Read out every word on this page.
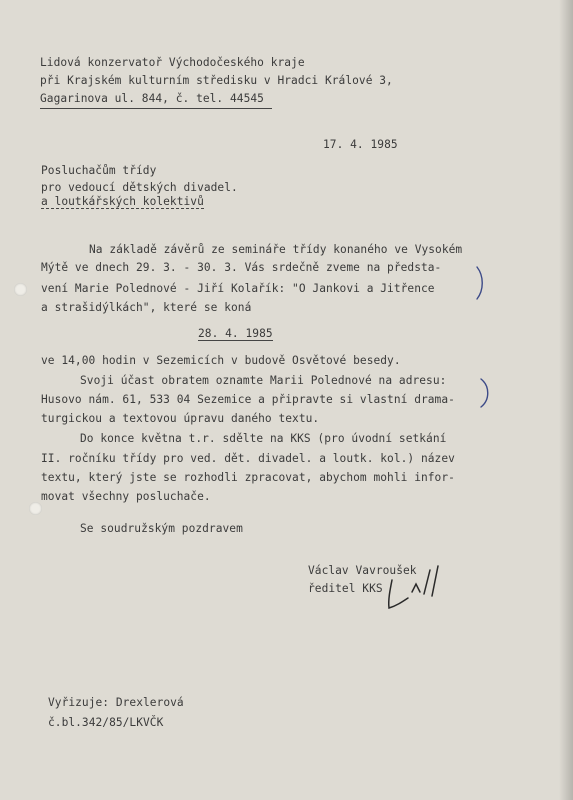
Lidová konzervatoř Východočeského kraje
při Krajském kulturním středisku v Hradci Králové 3,
Gagarinova ul. 844, č. tel. 44545
17. 4. 1985
Posluchačům třídy
pro vedoucí dětských divadel.
a loutkářských kolektivů
Na základě závěrů ze semináře třídy konaného ve Vysokém
Mýtě ve dnech 29. 3. - 30. 3. Vás srdečně zveme na předsta-
vení Marie Polednové - Jiří Kolařík: "O Jankovi a Jitřence
a strašidýlkách", které se koná
28. 4. 1985
ve 14,00 hodin v Sezemicích v budově Osvětové besedy.
Svoji účast obratem oznamte Marii Polednové na adresu:
Husovo nám. 61, 533 04 Sezemice a připravte si vlastní drama-
turgickou a textovou úpravu daného textu.
Do konce května t.r. sdělte na KKS (pro úvodní setkání
II. ročníku třídy pro ved. dět. divadel. a loutk. kol.) název
textu, který jste se rozhodli zpracovat, abychom mohli infor-
movat všechny posluchače.
Se soudružským pozdravem
Václav Vavroušek
ředitel KKS
Vyřizuje: Drexlerová
č.bl.342/85/LKVČK
